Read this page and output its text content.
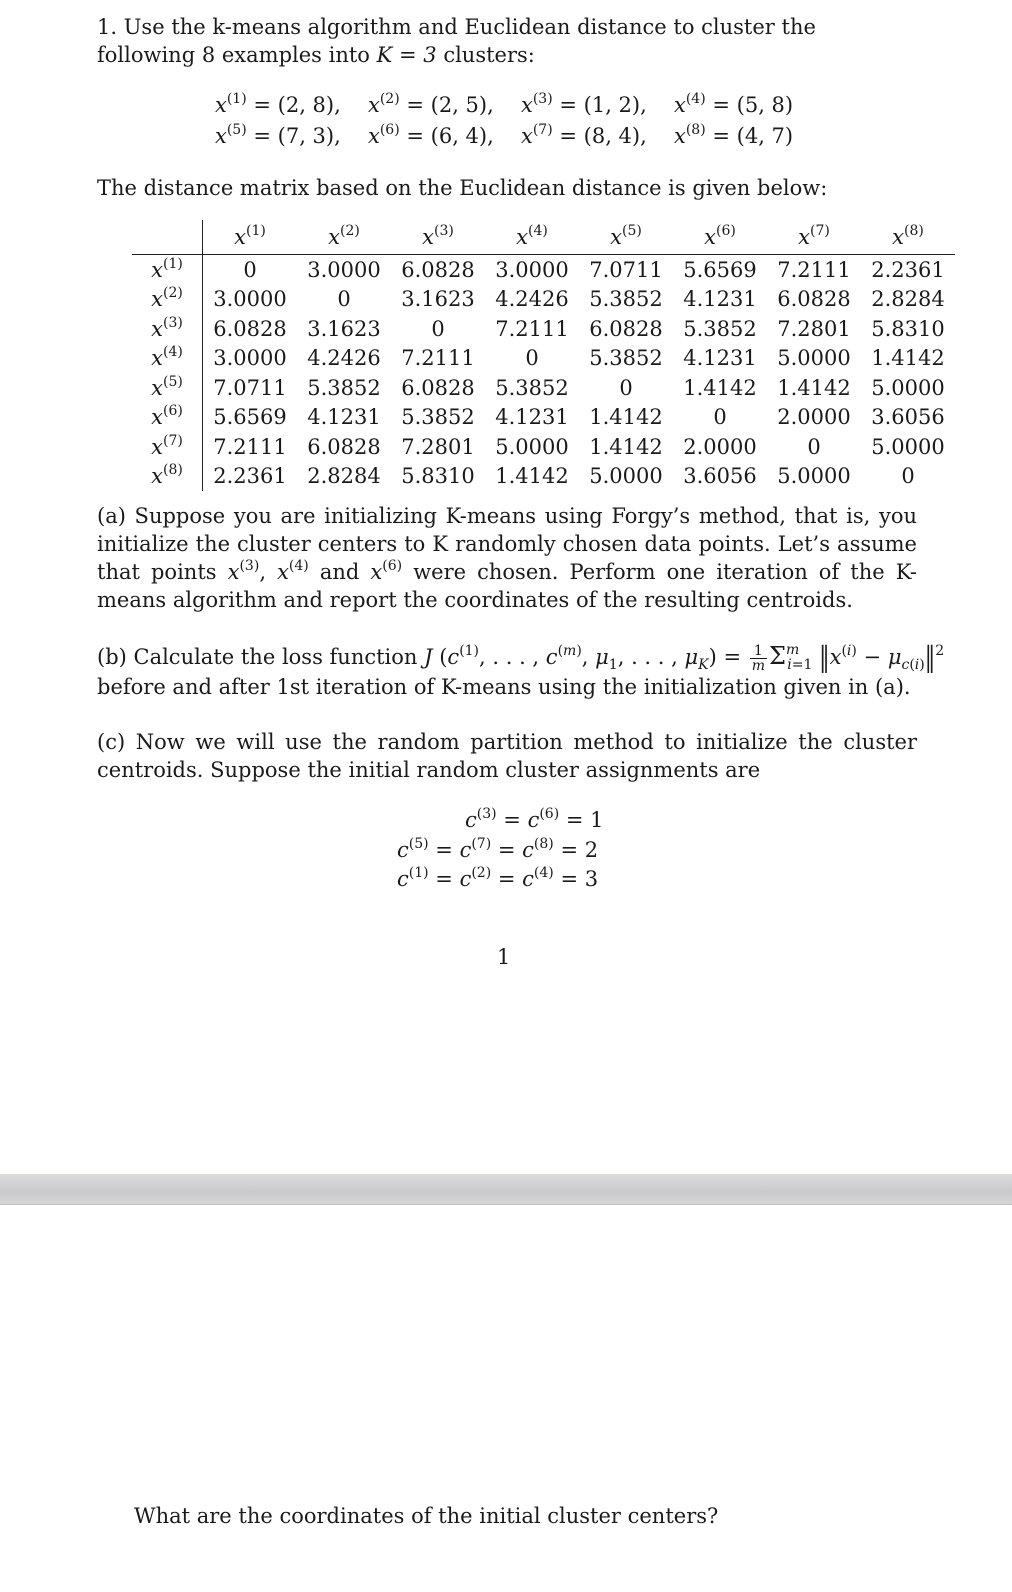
1. Use the k-means algorithm and Euclidean distance to cluster the following 8 examples into K = 3 clusters:
$x^{(1)} = (2$, 8), $x^{(2)} = (2$, 5), $x^{(3)} = (1$, 2), $x^{(4)} = (5$, 8)
$x^{(5)} = (7$, 3), $x^{(6)} = (6$, 4), $x^{(7)} = (8$, 4), $x^{(8)} = (4$, 7)
The distance matrix based on the Euclidean distance is given below:
	$x^{(1)}$	$x^{(2)}$	$x^{(3)}$	$x^{(4)}$	$x^{(5)}$	$x^{(6)}$	$x^{(7)}$	$x^{(8)}$
$x^{(1)}$	0	3.0000	6.0828	3.0000	7.0711	5.6569	7.2111	2.2361
$x^{(2)}$	3.0000	0	3.1623	4.2426	5.3852	4.1231	6.0828	2.8284
$x^{(3)}$	6.0828	3.1623	0	7.2111	6.0828	5.3852	7.2801	5.8310
$x^{(4)}$	3.0000	4.2426	7.2111	0	5.3852	4.1231	5.0000	1.4142
$x^{(5)}$	7.0711	5.3852	6.0828	5.3852	0	1.4142	1.4142	5.0000
$x^{(6)}$	5.6569	4.1231	5.3852	4.1231	1.4142	0	2.0000	3.6056
$x^{(7)}$	7.2111	6.0828	7.2801	5.0000	1.4142	2.0000	0	5.0000
$x^{(8)}$	2.2361	2.8284	5.8310	1.4142	5.0000	3.6056	5.0000	0
(a) Suppose you are initializing K-means using Forgy’s method, that is, you initialize the cluster centers to K randomly chosen data points. Let’s assume that points $x^{(3)}$, $x^{(4)}$ and $x^{(6)}$ were chosen. Perform one iteration of the K-means algorithm and report the coordinates of the resulting centroids.
(b) Calculate the loss function J ($c^{(1)}$, . . . , $c^{(m)}$, $\mu_1$, . . . , $\mu_K) = \frac{1}{m} \Sigma^m_{i=1}$ $‖x^{(i)}$ − $\mu_{c(i)}‖^2$
before and after 1st iteration of K-means using the initialization given in (a).
(c) Now we will use the random partition method to initialize the cluster centroids. Suppose the initial random cluster assignments are
$c^{(3)} = c^{(6)} = 1$
$c^{(5)} = c^{(7)} = c^{(8)} = 2$
$c^{(1)} = c^{(2)} = c^{(4)} = 3$
1
What are the coordinates of the initial cluster centers?
